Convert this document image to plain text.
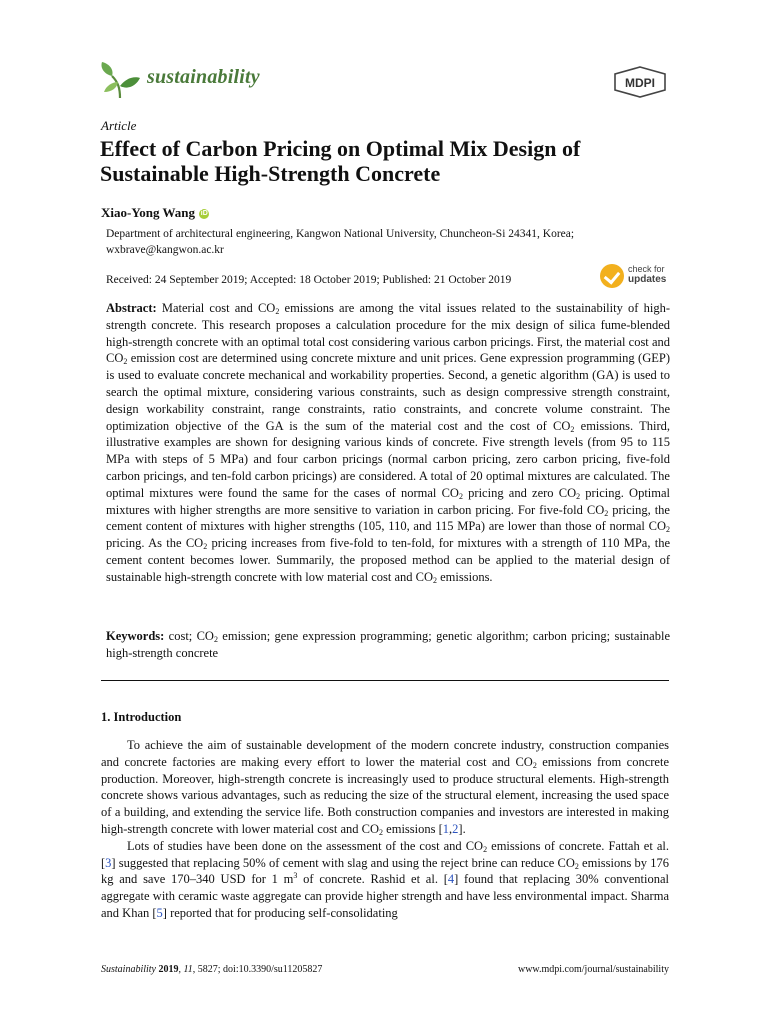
sustainability	MDPI
Article
Effect of Carbon Pricing on Optimal Mix Design of Sustainable High-Strength Concrete
Xiao-Yong Wang iD
Department of architectural engineering, Kangwon National University, Chuncheon-Si 24341, Korea; wxbrave@kangwon.ac.kr
Received: 24 September 2019; Accepted: 18 October 2019; Published: 21 October 2019
check for
updates
Abstract: Material cost and $CO_2$ emissions are among the vital issues related to the sustainability of high-strength concrete. This research proposes a calculation procedure for the mix design of silica fume-blended high-strength concrete with an optimal total cost considering various carbon pricings. First, the material cost and $CO_2$ emission cost are determined using concrete mixture and unit prices. Gene expression programming (GEP) is used to evaluate concrete mechanical and workability properties. Second, a genetic algorithm (GA) is used to search the optimal mixture, considering various constraints, such as design compressive strength constraint, design workability constraint, range constraints, ratio constraints, and concrete volume constraint. The optimization objective of the GA is the sum of the material cost and the cost of $CO_2$ emissions. Third, illustrative examples are shown for designing various kinds of concrete. Five strength levels (from 95 to 115 MPa with steps of 5 MPa) and four carbon pricings (normal carbon pricing, zero carbon pricing, five-fold carbon pricings, and ten-fold carbon pricings) are considered. A total of 20 optimal mixtures are calculated. The optimal mixtures were found the same for the cases of normal $CO_2$ pricing and zero $CO_2$ pricing. Optimal mixtures with higher strengths are more sensitive to variation in carbon pricing. For five-fold $CO_2$ pricing, the cement content of mixtures with higher strengths (105, 110, and 115 MPa) are lower than those of normal $CO_2$ pricing. As the $CO_2$ pricing increases from five-fold to ten-fold, for mixtures with a strength of 110 MPa, the cement content becomes lower. Summarily, the proposed method can be applied to the material design of sustainable high-strength concrete with low material cost and $CO_2$ emissions.
Keywords: cost; $CO_2$ emission; gene expression programming; genetic algorithm; carbon pricing; sustainable high-strength concrete
1. Introduction

To achieve the aim of sustainable development of the modern concrete industry, construction companies and concrete factories are making every effort to lower the material cost and $CO_2$ emissions from concrete production. Moreover, high-strength concrete is increasingly used to produce structural elements. High-strength concrete shows various advantages, such as reducing the size of the structural element, increasing the used space of a building, and extending the service life. Both construction companies and investors are interested in making high-strength concrete with lower material cost and $CO_2$ emissions [1,2].

Lots of studies have been done on the assessment of the cost and $CO_2$ emissions of concrete. Fattah et al. [3] suggested that replacing 50% of cement with slag and using the reject brine can reduce $CO_2$ emissions by 176 kg and save 170–340 USD for 1 $m^3$ of concrete. Rashid et al. [4] found that replacing 30% conventional aggregate with ceramic waste aggregate can provide higher strength and have less environmental impact. Sharma and Khan [5] reported that for producing self-consolidating

Sustainability 2019, 11, 5827; doi:10.3390/su11205827	www.mdpi.com/journal/sustainability
